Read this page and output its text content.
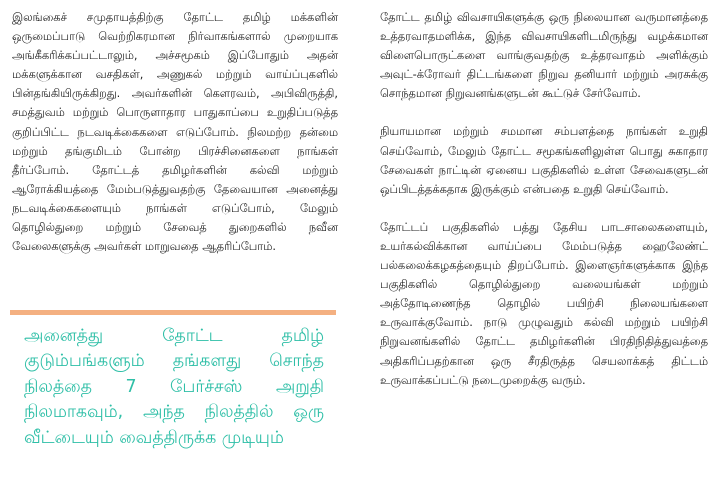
இலங்கைச் சமுதாயத்திற்கு தோட்ட தமிழ் மக்களின் ஒருமைப்பாடு வெற்றிகரமான நிர்வாகங்களால் முறையாக அங்கீகரிக்கப்பட்டாலும், அச்சமூகம் இப்போதும் அதன் மக்களுக்கான வசதிகள், அணுகல் மற்றும் வாய்ப்புகளில் பின்தங்கியிருக்கிறது. அவர்களின் கௌரவம், அபிவிருத்தி, சமத்துவம் மற்றும் பொருளாதார பாதுகாப்பை உறுதிப்படுத்த குறிப்பிட்ட நடவடிக்கைகளை எடுப்போம். நிலமற்ற தன்மை மற்றும் தங்குமிடம் போன்ற பிரச்சினைகளை நாங்கள் தீர்ப்போம். தோட்டத் தமிழர்களின் கல்வி மற்றும் ஆரோக்கியத்தை மேம்படுத்துவதற்கு தேவையான அனைத்து நடவடிக்கைகளையும் நாங்கள் எடுப்போம், மேலும் தொழில்துறை மற்றும் சேவைத் துறைகளில் நவீன வேலைகளுக்கு அவர்கள் மாறுவதை ஆதரிப்போம்.

அனைத்து தோட்ட தமிழ் குடும்பங்களும் தங்களது சொந்த நிலத்தை 7 பேர்ச்சஸ் அறுதி நிலமாகவும், அந்த நிலத்தில் ஒரு வீட்டையும் வைத்திருக்க முடியும்

தோட்ட தமிழ் விவசாயிகளுக்கு ஒரு நிலையான வருமானத்தை உத்தரவாதமளிக்க, இந்த விவசாயிகளிடமிருந்து வழக்கமான விளைபொருட்களை வாங்குவதற்கு உத்தரவாதம் அளிக்கும் அவுட்-க்ரோவர் திட்டங்களை நிறுவ தனியார் மற்றும் அரசுக்கு சொந்தமான நிறுவனங்களுடன் கூட்டுச் சேர்வோம்.

நியாயமான மற்றும் சமமான சம்பளத்தை நாங்கள் உறுதி செய்வோம், மேலும் தோட்ட சமூகங்களிலுள்ள பொது சுகாதார சேவைகள் நாட்டின் ஏனைய பகுதிகளில் உள்ள சேவைகளுடன் ஒப்பிடத்தக்கதாக இருக்கும் என்பதை உறுதி செய்வோம்.

தோட்டப் பகுதிகளில் பத்து தேசிய பாடசாலைகளையும், உயர்கல்விக்கான வாய்ப்பை மேம்படுத்த ஹைலேண்ட் பல்கலைக்கழகத்தையும் திறப்போம். இளைஞர்களுக்காக இந்த பகுதிகளில் தொழில்துறை வலையங்கள் மற்றும் அத்தோடிணைந்த தொழில் பயிற்சி நிலையங்களை உருவாக்குவோம். நாடு முழுவதும் கல்வி மற்றும் பயிற்சி நிறுவனங்களில் தோட்ட தமிழர்களின் பிரதிநிதித்துவத்தை அதிகரிப்பதற்கான ஒரு சீரதிருத்த செயலாக்கத் திட்டம் உருவாக்கப்பட்டு நடைமுறைக்கு வரும்.
